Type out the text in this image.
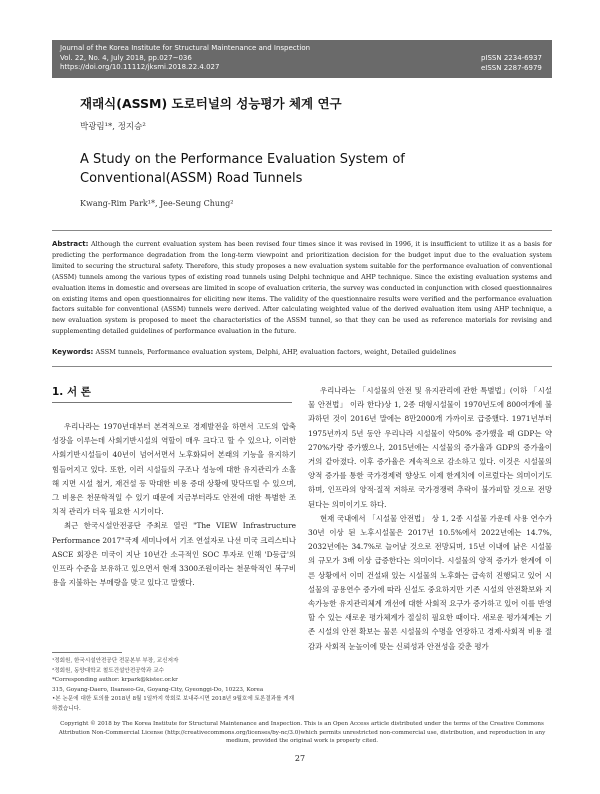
Journal of the Korea Institute for Structural Maintenance and Inspection
Vol. 22, No. 4, July 2018, pp.027~036
https://doi.org/10.11112/jksmi.2018.22.4.027
pISSN 2234-6937
eISSN 2287-6979
재래식(ASSM) 도로터널의 성능평가 체계 연구
박광림¹*, 정지승²
A Study on the Performance Evaluation System of Conventional(ASSM) Road Tunnels
Kwang-Rim Park¹*, Jee-Seung Chung²
Abstract: Although the current evaluation system has been revised four times since it was revised in 1996, it is insufficient to utilize it as a basis for predicting the performance degradation from the long-term viewpoint and prioritization decision for the budget input due to the evaluation system limited to securing the structural safety. Therefore, this study proposes a new evaluation system suitable for the performance evaluation of conventional (ASSM) tunnels among the various types of existing road tunnels using Delphi technique and AHP technique. Since the existing evaluation systems and evaluation items in domestic and overseas are limited in scope of evaluation criteria, the survey was conducted in conjunction with closed questionnaires on existing items and open questionnaires for eliciting new items. The validity of the questionnaire results were verified and the performance evaluation factors suitable for conventional (ASSM) tunnels were derived. After calculating weighted value of the derived evaluation item using AHP technique, a new evaluation system is proposed to meet the characteristics of the ASSM tunnel, so that they can be used as reference materials for revising and supplementing detailed guidelines of performance evaluation in the future.
Keywords: ASSM tunnels, Performance evaluation system, Delphi, AHP, evaluation factors, weight, Detailed guidelines
1. 서 론

우리나라는 1970년대부터 본격적으로 경제발전을 하면서 고도의 압축 성장을 이루는데 사회기반시설의 역할이 매우 크다고 할 수 있으나, 이러한 사회기반시설들이 40년이 넘어서면서 노후화되어 본래의 기능을 유지하기 힘들어지고 있다. 또한, 이러 시설들의 구조나 성능에 대한 유지관리가 소홀해 지면 시설 철거, 재건설 등 막대한 비용 증대 상황에 맞닥뜨릴 수 있으며, 그 비용은 천문학적일 수 있기 때문에 지금부터라도 안전에 대한 특별한 조치적 관리가 더욱 필요한 시기이다.

최근 한국시설안전공단 주최로 열린 "The VIEW Infrastructure Performance 2017"국제 세미나에서 기조 연설자로 나선 미국 크리스티나 ASCE 회장은 미국이 지난 10년간 소극적인 SOC 투자로 인해 'D등급'의 인프라 수준을 보유하고 있으면서 현재 3300조원이라는 천문학적인 복구비용을 지불하는 부메랑을 맞고 있다고 말했다.

우리나라는 「시설물의 안전 및 유지관리에 관한 특별법」(이하 「시설물 안전법」 이라 한다)상 1, 2종 대형시설물이 1970년도에 800여개에 불과하던 것이 2016년 말에는 8만2000개 가까이로 급증했다. 1971년부터 1975년까지 5년 동안 우리나라 시설물이 약50% 증가했을 때 GDP는 약 270%가량 증가했으나, 2015년에는 시설물의 증가율과 GDP의 증가율이 거의 같아졌다. 이후 증가율은 계속적으로 감소하고 있다. 이것은 시설물의 양적 증가를 통한 국가경제력 향상도 이제 한계치에 이르렀다는 의미이기도 하며, 인프라의 양적·질적 저하로 국가경쟁력 추락이 불가피할 것으로 전망된다는 의미이기도 하다.

현재 국내에서 「시설물 안전법」 상 1, 2종 시설물 가운데 사용 연수가 30년 이상 된 노후시설물은 2017년 10.5%에서 2022년에는 14.7%, 2032년에는 34.7%로 늘어날 것으로 전망되며, 15년 이내에 낡은 시설물의 규모가 3배 이상 급증한다는 의미이다. 시설물의 양적 증가가 한계에 이른 상황에서 이미 건설돼 있는 시설물의 노후화는 급속히 진행되고 있어 시설물의 공용연수 증가에 따라 신설도 중요하지만 기존 시설의 안전확보와 지속가능한 유지관리체계 개선에 대한 사회적 요구가 증가하고 있어 이를 반영할 수 있는 새로운 평가체계가 절실히 필요한 때이다. 새로운 평가체계는 기존 시설의 안전 확보는 물론 시설물의 수명을 연장하고 경제·사회적 비용 절감과 사회적 눈높이에 맞는 신뢰성과 안전성을 갖춘 평가

¹정회원, 한국시설안전공단 전문본부 부장, 교신저자
²정회원, 동양대학교 철도건설안전공학과 교수
*Corresponding author: krpark@kistec.or.kr
315, Goyang-Daero, Ilsanseo-Gu, Goyang-City, Gyeonggi-Do, 10223, Korea
•본 논문에 대한 토의를 2018년 8월 1일까지 학회로 보내주시면 2018년 9월호에 토론결과를 게재하겠습니다.
Copyright © 2018 by The Korea Institute for Structural Maintenance and Inspection. This is an Open Access article distributed under the terms of the Creative Commons Attribution Non-Commercial License (http://creativecommons.org/licenses/by-nc/3.0)which permits unrestricted non-commercial use, distribution, and reproduction in any medium, provided the original work is properly cited.
27
